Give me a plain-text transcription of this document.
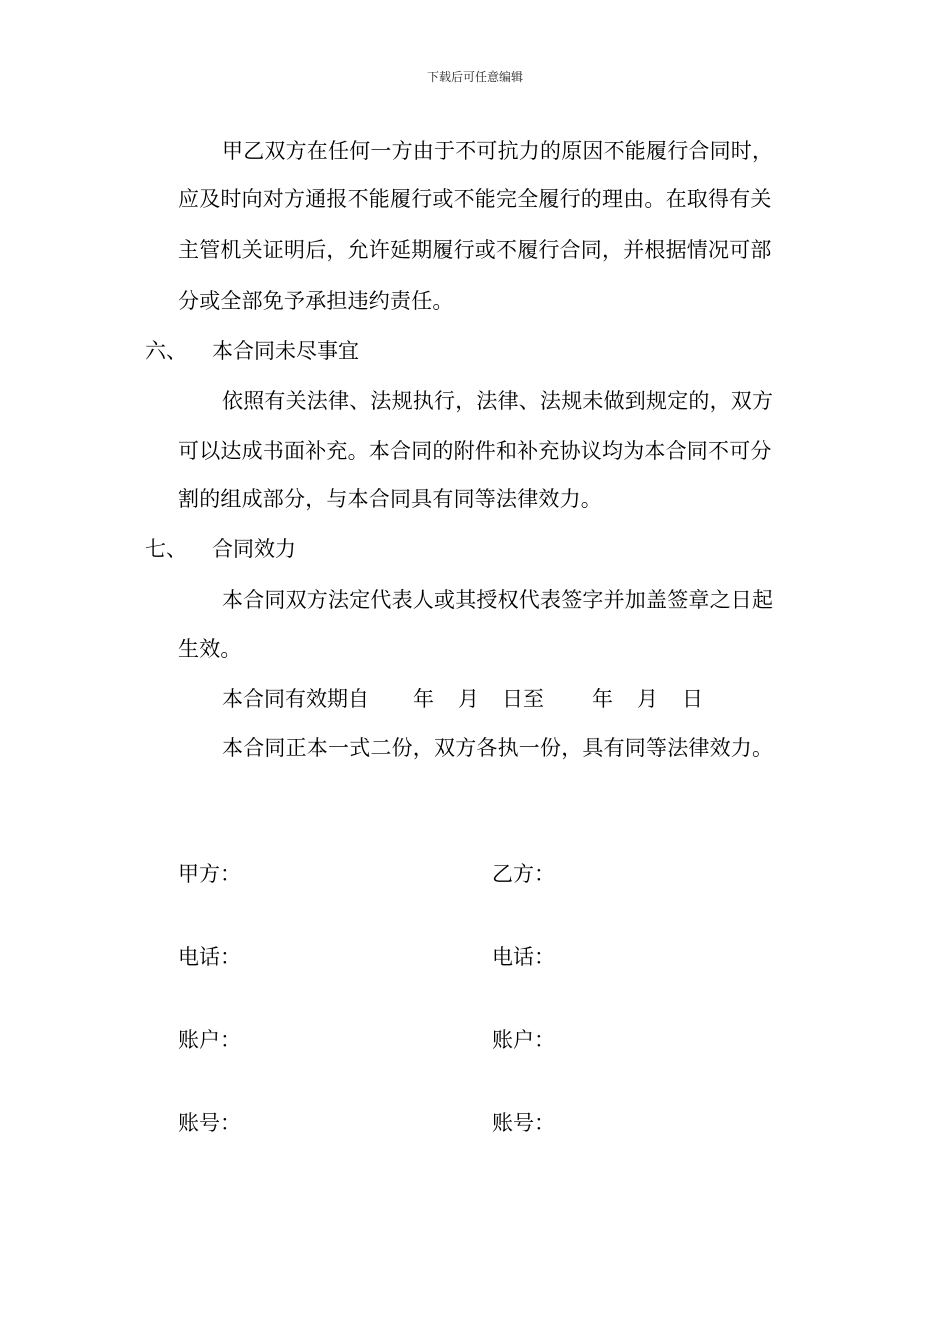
下载后可任意编辑
甲乙双方在任何一方由于不可抗力的原因不能履行合同时，
应及时向对方通报不能履行或不能完全履行的理由。在取得有关
主管机关证明后，允许延期履行或不履行合同，并根据情况可部
分或全部免予承担违约责任。
六、 本合同未尽事宜
依照有关法律、法规执行，法律、法规未做到规定的，双方
可以达成书面补充。本合同的附件和补充协议均为本合同不可分
割的组成部分，与本合同具有同等法律效力。
七、 合同效力
本合同双方法定代表人或其授权代表签字并加盖签章之日起
生效。
本合同有效期自 年 月 日至 年 月 日
本合同正本一式二份，双方各执一份，具有同等法律效力。
甲方：	乙方：
电话：	电话：
账户：	账户：
账号：	账号：
